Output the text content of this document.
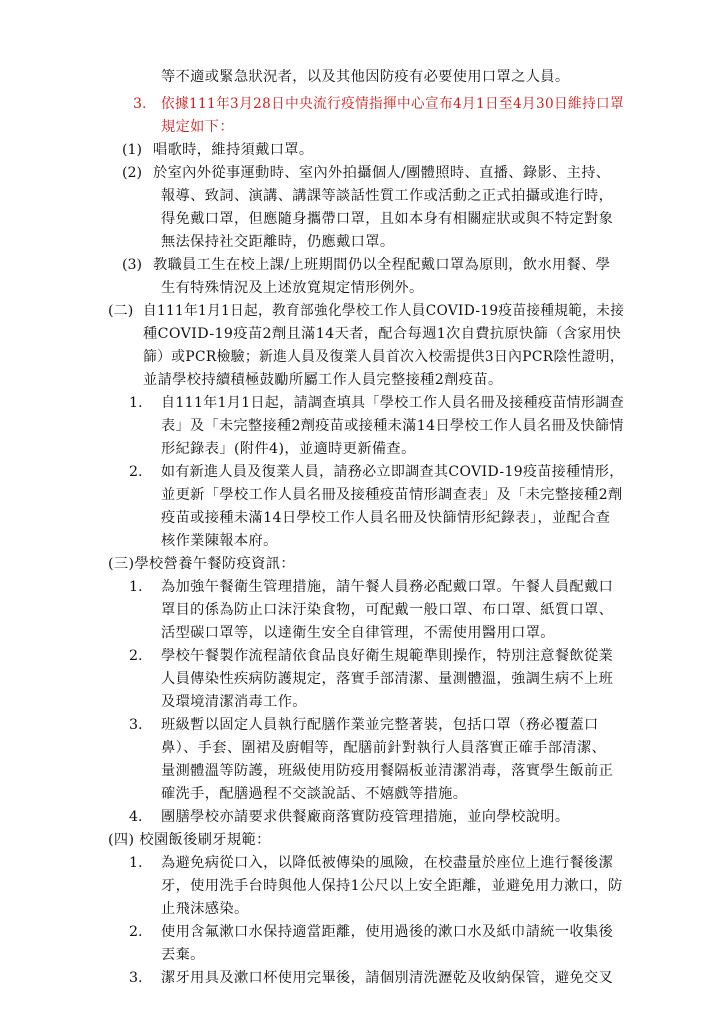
等不適或緊急狀況者，以及其他因防疫有必要使用口罩之人員。
3. 依據111年3月28日中央流行疫情指揮中心宣布4月1日至4月30日維持口罩
規定如下：
(1) 唱歌時，維持須戴口罩。
(2) 於室內外從事運動時、室內外拍攝個人/團體照時、直播、錄影、主持、
報導、致詞、演講、講課等談話性質工作或活動之正式拍攝或進行時，
得免戴口罩，但應隨身攜帶口罩，且如本身有相關症狀或與不特定對象
無法保持社交距離時，仍應戴口罩。
(3) 教職員工生在校上課/上班期間仍以全程配戴口罩為原則，飲水用餐、學
生有特殊情況及上述放寬規定情形例外。
(二) 自111年1月1日起，教育部強化學校工作人員COVID-19疫苗接種規範，未接
種COVID-19疫苗2劑且滿14天者，配合每週1次自費抗原快篩（含家用快
篩）或PCR檢驗；新進人員及復業人員首次入校需提供3日內PCR陰性證明，
並請學校持續積極鼓勵所屬工作人員完整接種2劑疫苗。
1. 自111年1月1日起，請調查填具「學校工作人員名冊及接種疫苗情形調查
表」及「未完整接種2劑疫苗或接種未滿14日學校工作人員名冊及快篩情
形紀錄表」(附件4)，並適時更新備查。
2. 如有新進人員及復業人員，請務必立即調查其COVID-19疫苗接種情形，
並更新「學校工作人員名冊及接種疫苗情形調查表」及「未完整接種2劑
疫苗或接種未滿14日學校工作人員名冊及快篩情形紀錄表」，並配合查
核作業陳報本府。
(三)學校營養午餐防疫資訊：
1. 為加強午餐衛生管理措施，請午餐人員務必配戴口罩。午餐人員配戴口
罩目的係為防止口沫汙染食物，可配戴一般口罩、布口罩、紙質口罩、
活型碳口罩等，以達衛生安全自律管理，不需使用醫用口罩。
2. 學校午餐製作流程請依食品良好衛生規範準則操作，特別注意餐飲從業
人員傳染性疾病防護規定，落實手部清潔、量測體溫，強調生病不上班
及環境清潔消毒工作。
3. 班級暫以固定人員執行配膳作業並完整著裝，包括口罩（務必覆蓋口
鼻）、手套、圍裙及廚帽等，配膳前針對執行人員落實正確手部清潔、
量測體溫等防護，班級使用防疫用餐隔板並清潔消毒，落實學生飯前正
確洗手，配膳過程不交談說話、不嬉戲等措施。
4. 團膳學校亦請要求供餐廠商落實防疫管理措施，並向學校說明。
(四) 校園飯後刷牙規範：
1. 為避免病從口入，以降低被傳染的風險，在校盡量於座位上進行餐後潔
牙，使用洗手台時與他人保持1公尺以上安全距離，並避免用力漱口，防
止飛沫感染。
2. 使用含氟漱口水保持適當距離，使用過後的漱口水及紙巾請統一收集後
丟棄。
3. 潔牙用具及漱口杯使用完畢後，請個別清洗瀝乾及收納保管，避免交叉
